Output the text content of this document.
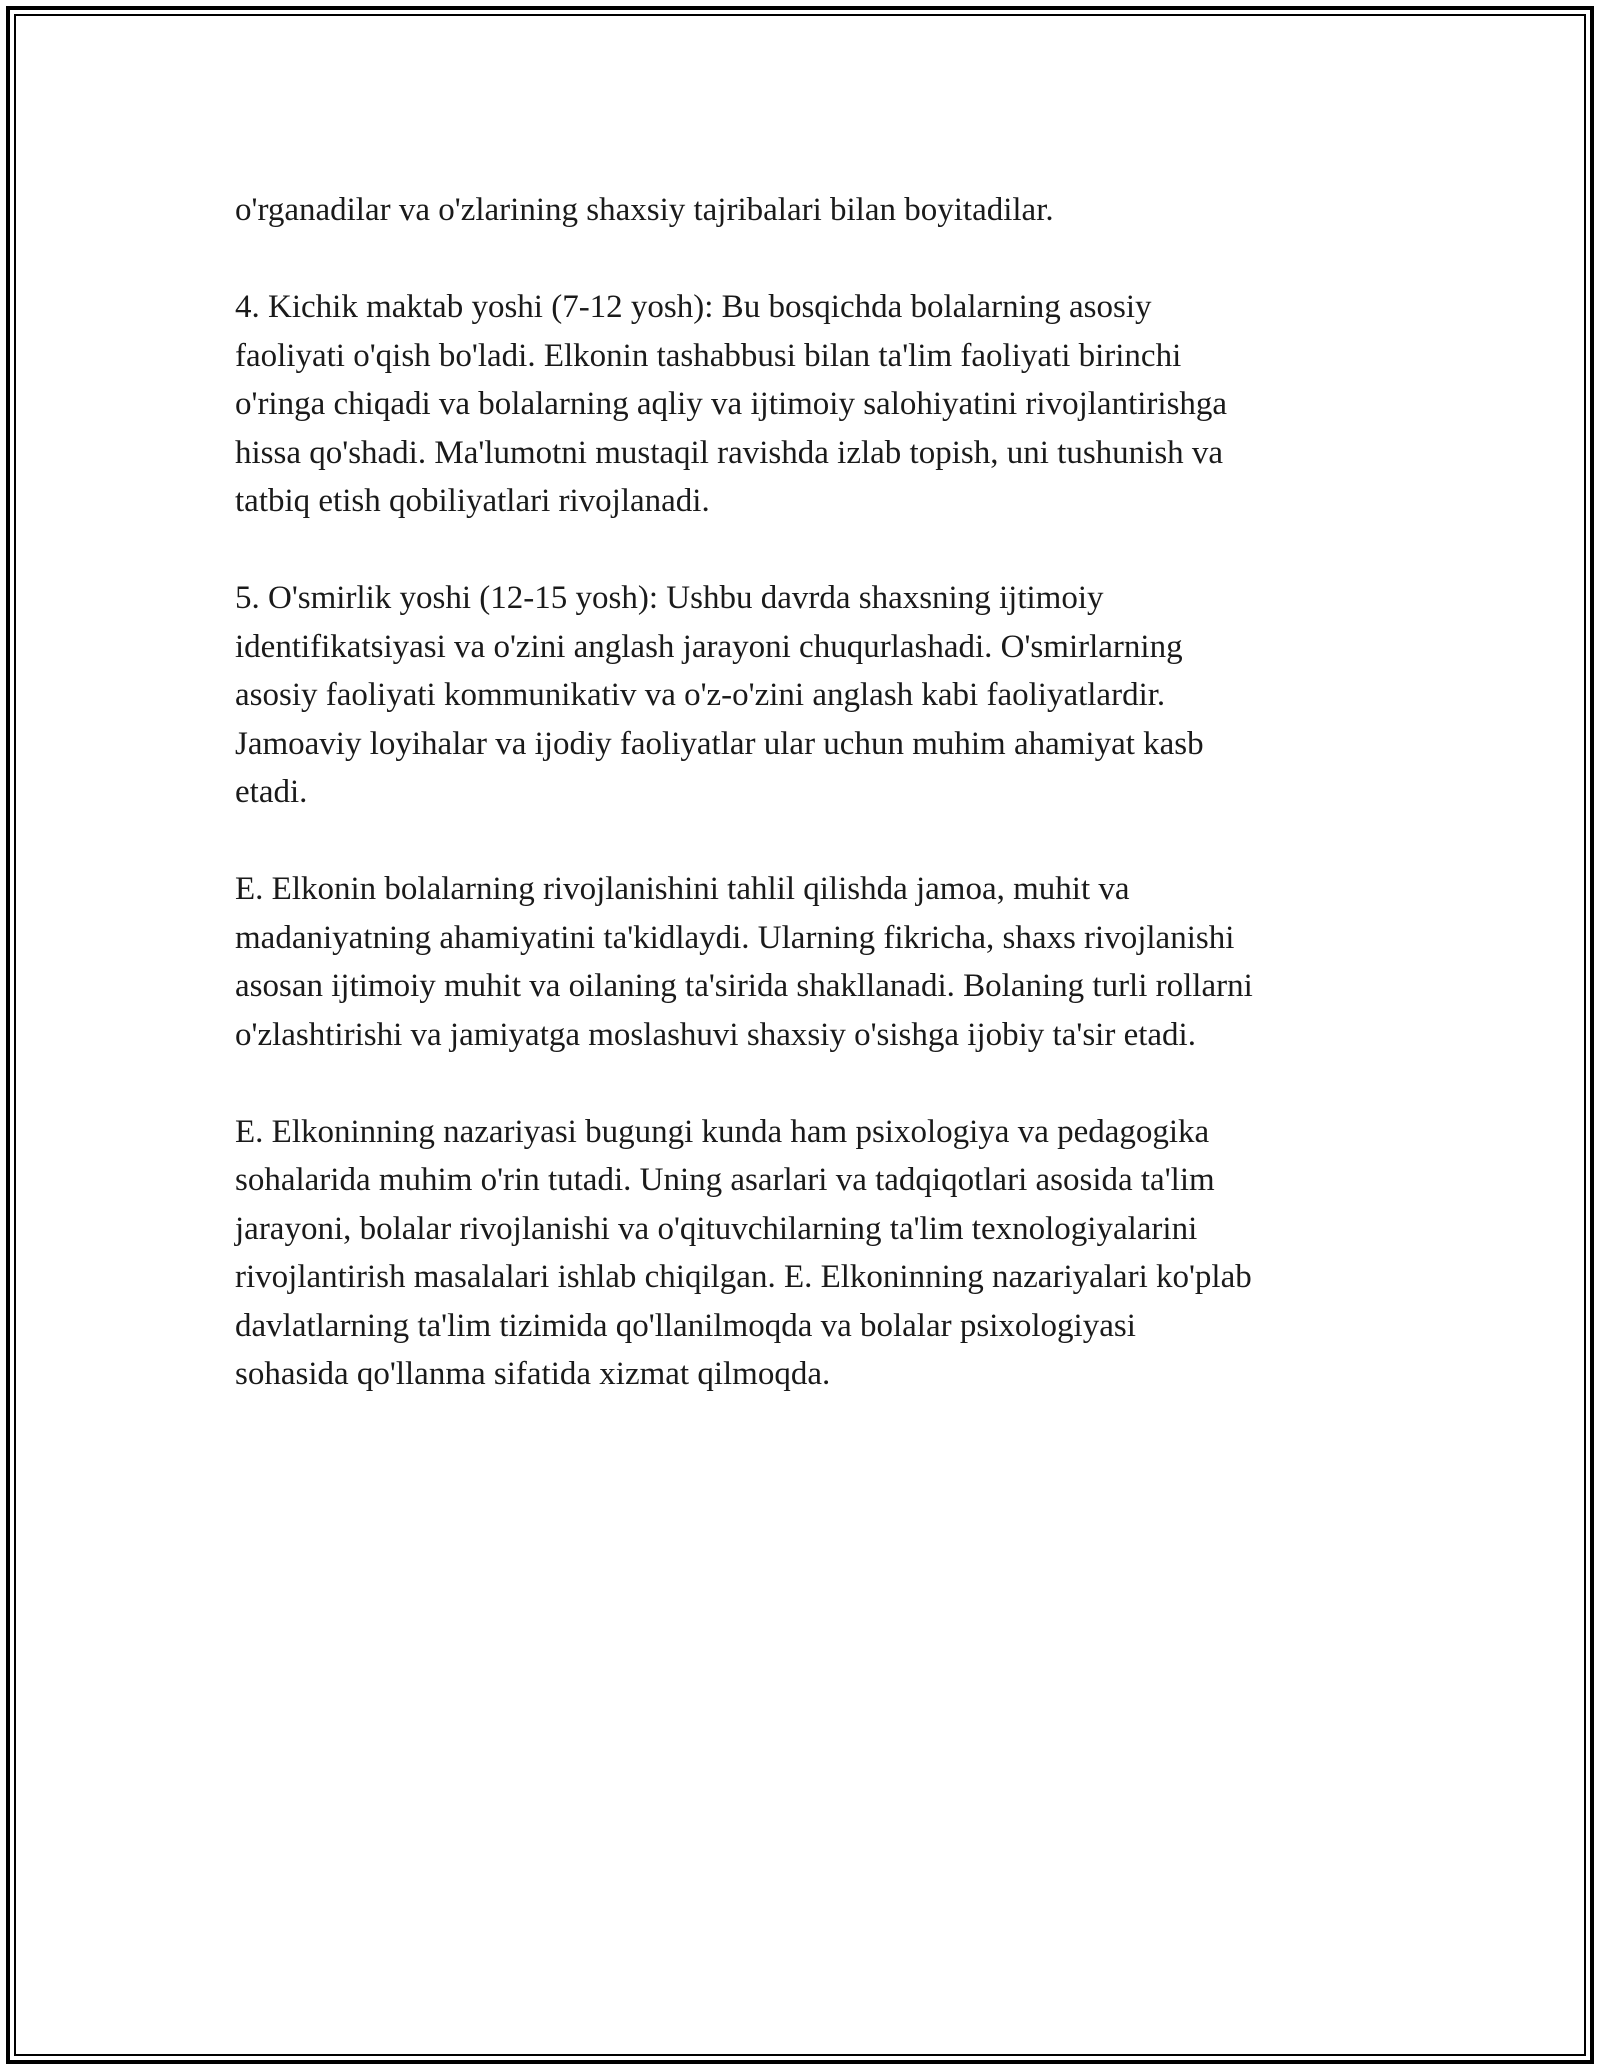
o'rganadilar va o'zlarining shaxsiy tajribalari bilan boyitadilar.

4. Kichik maktab yoshi (7-12 yosh): Bu bosqichda bolalarning asosiy
faoliyati o'qish bo'ladi. Elkonin tashabbusi bilan ta'lim faoliyati birinchi
o'ringa chiqadi va bolalarning aqliy va ijtimoiy salohiyatini rivojlantirishga
hissa qo'shadi. Ma'lumotni mustaqil ravishda izlab topish, uni tushunish va
tatbiq etish qobiliyatlari rivojlanadi.

5. O'smirlik yoshi (12-15 yosh): Ushbu davrda shaxsning ijtimoiy
identifikatsiyasi va o'zini anglash jarayoni chuqurlashadi. O'smirlarning
asosiy faoliyati kommunikativ va o'z-o'zini anglash kabi faoliyatlardir.
Jamoaviy loyihalar va ijodiy faoliyatlar ular uchun muhim ahamiyat kasb
etadi.

E. Elkonin bolalarning rivojlanishini tahlil qilishda jamoa, muhit va
madaniyatning ahamiyatini ta'kidlaydi. Ularning fikricha, shaxs rivojlanishi
asosan ijtimoiy muhit va oilaning ta'sirida shakllanadi. Bolaning turli rollarni
o'zlashtirishi va jamiyatga moslashuvi shaxsiy o'sishga ijobiy ta'sir etadi.

E. Elkoninning nazariyasi bugungi kunda ham psixologiya va pedagogika
sohalarida muhim o'rin tutadi. Uning asarlari va tadqiqotlari asosida ta'lim
jarayoni, bolalar rivojlanishi va o'qituvchilarning ta'lim texnologiyalarini
rivojlantirish masalalari ishlab chiqilgan. E. Elkoninning nazariyalari ko'plab
davlatlarning ta'lim tizimida qo'llanilmoqda va bolalar psixologiyasi
sohasida qo'llanma sifatida xizmat qilmoqda.
